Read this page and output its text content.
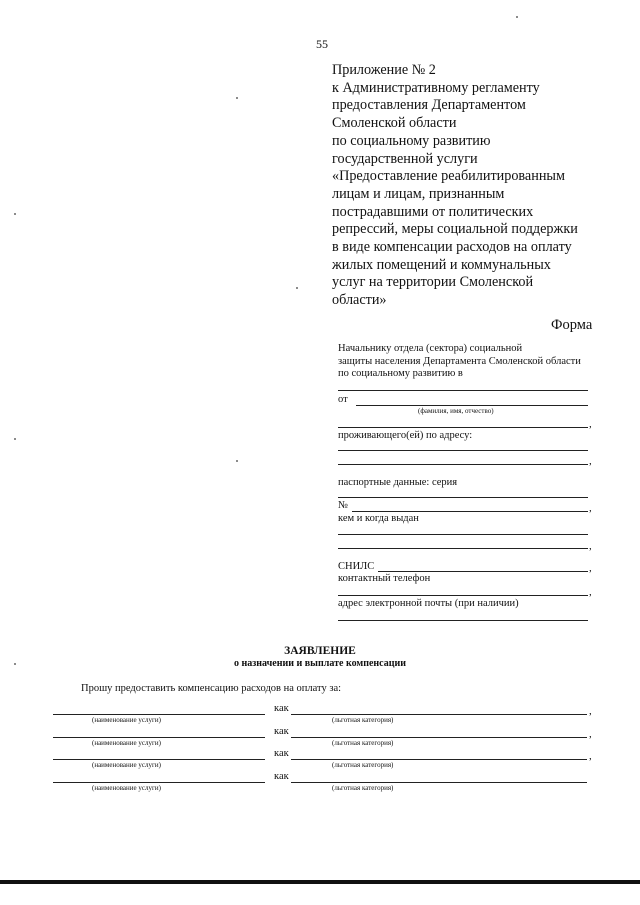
55
Приложение № 2
к Административному регламенту
предоставления Департаментом
Смоленской области
по социальному развитию
государственной услуги
«Предоставление реабилитированным
лицам и лицам, признанным
пострадавшими от политических
репрессий, меры социальной поддержки
в виде компенсации расходов на оплату
жилых помещений и коммунальных
услуг на территории Смоленской
области»
Форма
Начальнику отдела (сектора) социальной
защиты населения Департамента Смоленской области
по социальному развитию в
от
(фамилия, имя, отчество)
,
проживающего(ей) по адресу:
,
паспортные данные: серия
№	,
кем и когда выдан
,
СНИЛС	,
контактный телефон
,
адрес электронной почты (при наличии)
ЗАЯВЛЕНИЕ
о назначении и выплате компенсации
Прошу предоставить компенсацию расходов на оплату за:
как	,
(наименование услуги)	(льготная категория)
как	,
(наименование услуги)	(льготная категория)
как	,
(наименование услуги)	(льготная категория)
как
(наименование услуги)	(льготная категория)
